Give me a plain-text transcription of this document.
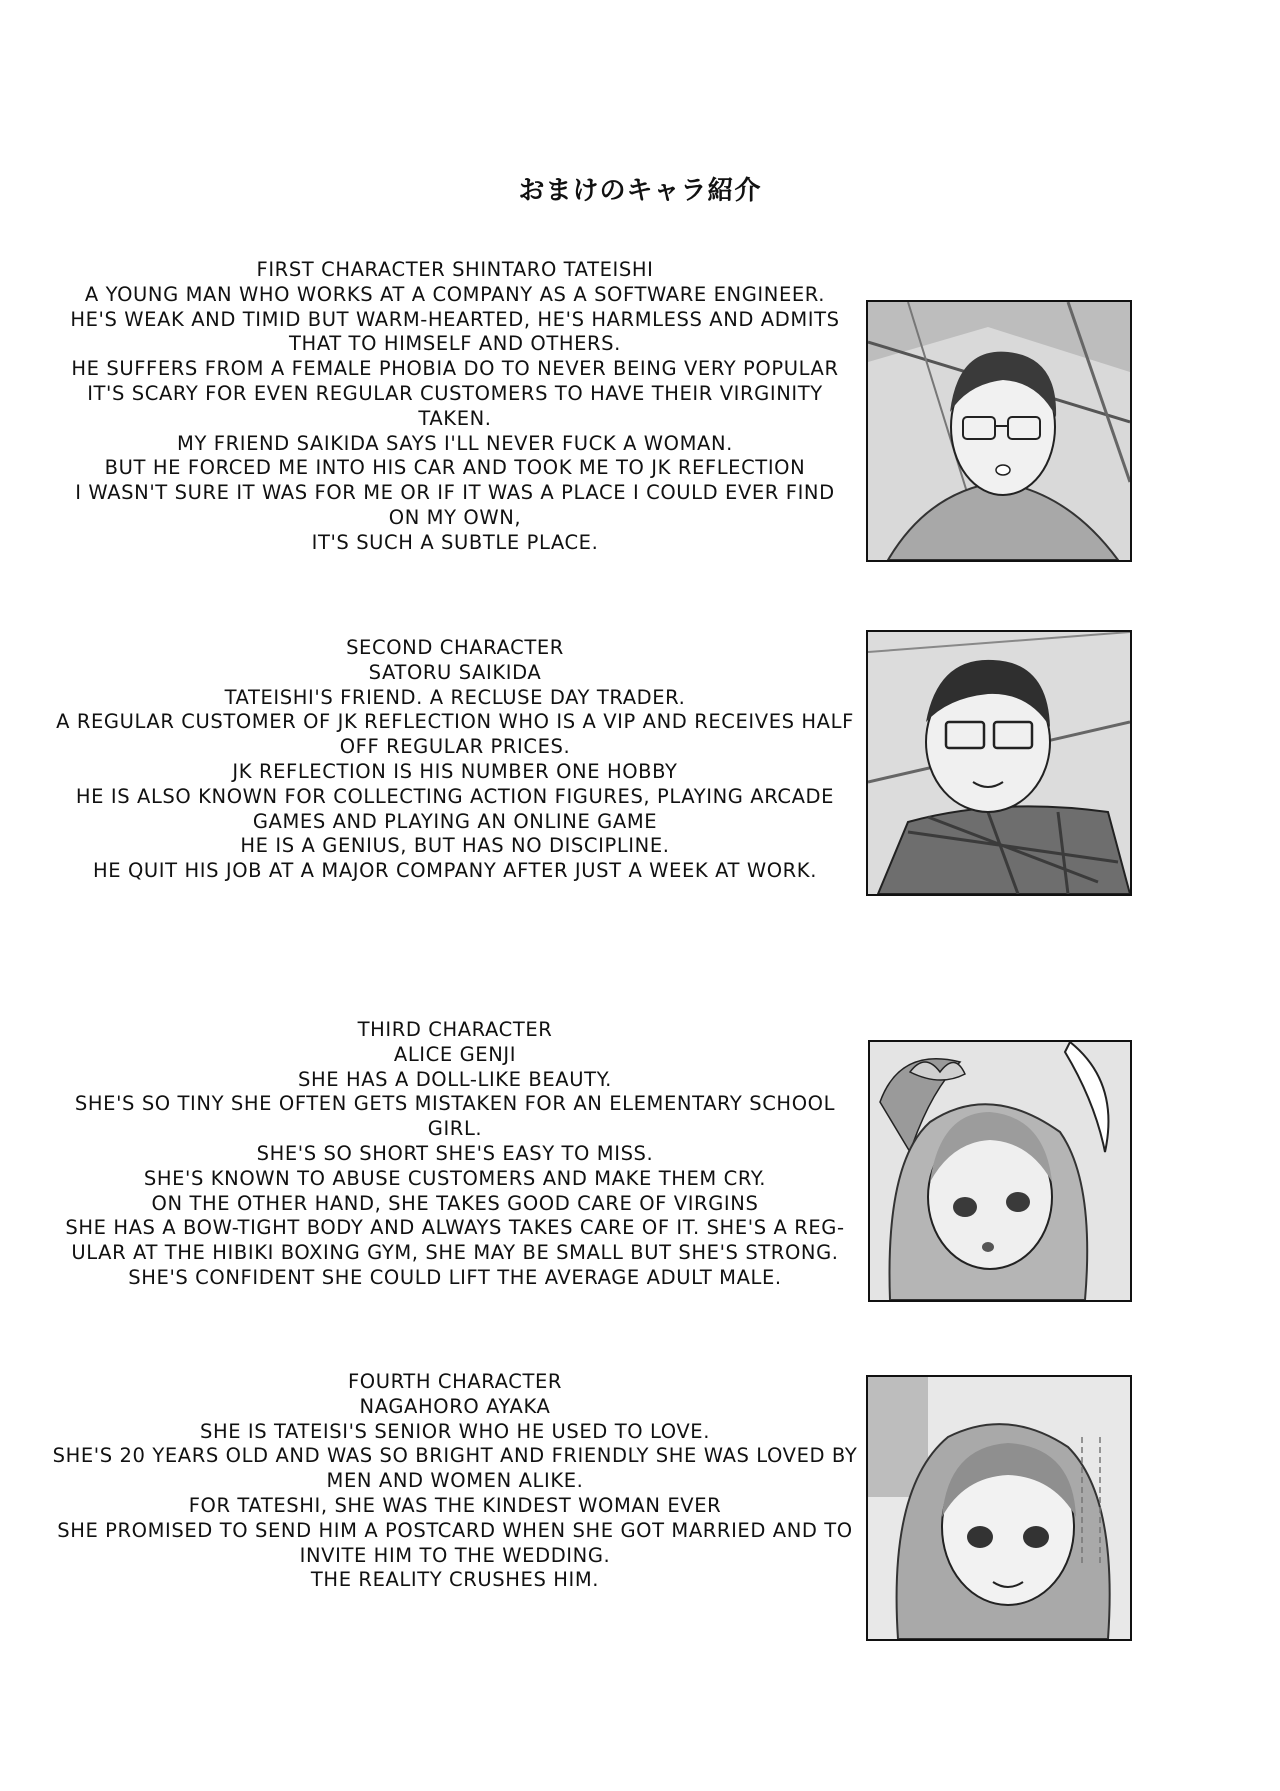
おまけのキャラ紹介
FIRST CHARACTER SHINTARO TATEISHI
A YOUNG MAN WHO WORKS AT A COMPANY AS A SOFTWARE ENGINEER.
HE'S WEAK AND TIMID BUT WARM-HEARTED, HE'S HARMLESS AND ADMITS
THAT TO HIMSELF AND OTHERS.
HE SUFFERS FROM A FEMALE PHOBIA DO TO NEVER BEING VERY POPULAR
IT'S SCARY FOR EVEN REGULAR CUSTOMERS TO HAVE THEIR VIRGINITY
TAKEN.
MY FRIEND SAIKIDA SAYS I'LL NEVER FUCK A WOMAN.
BUT HE FORCED ME INTO HIS CAR AND TOOK ME TO JK REFLECTION
I WASN'T SURE IT WAS FOR ME OR IF IT WAS A PLACE I COULD EVER FIND
ON MY OWN,
IT'S SUCH A SUBTLE PLACE.
SECOND CHARACTER
SATORU SAIKIDA
TATEISHI'S FRIEND. A RECLUSE DAY TRADER.
A REGULAR CUSTOMER OF JK REFLECTION WHO IS A VIP AND RECEIVES HALF
OFF REGULAR PRICES.
JK REFLECTION IS HIS NUMBER ONE HOBBY
HE IS ALSO KNOWN FOR COLLECTING ACTION FIGURES, PLAYING ARCADE
GAMES AND PLAYING AN ONLINE GAME
HE IS A GENIUS, BUT HAS NO DISCIPLINE.
HE QUIT HIS JOB AT A MAJOR COMPANY AFTER JUST A WEEK AT WORK.
THIRD CHARACTER
ALICE GENJI
SHE HAS A DOLL-LIKE BEAUTY.
SHE'S SO TINY SHE OFTEN GETS MISTAKEN FOR AN ELEMENTARY SCHOOL
GIRL.
SHE'S SO SHORT SHE'S EASY TO MISS.
SHE'S KNOWN TO ABUSE CUSTOMERS AND MAKE THEM CRY.
ON THE OTHER HAND, SHE TAKES GOOD CARE OF VIRGINS
SHE HAS A BOW-TIGHT BODY AND ALWAYS TAKES CARE OF IT. SHE'S A REG-
ULAR AT THE HIBIKI BOXING GYM, SHE MAY BE SMALL BUT SHE'S STRONG.
SHE'S CONFIDENT SHE COULD LIFT THE AVERAGE ADULT MALE.
FOURTH CHARACTER
NAGAHORO AYAKA
SHE IS TATEISI'S SENIOR WHO HE USED TO LOVE.
SHE'S 20 YEARS OLD AND WAS SO BRIGHT AND FRIENDLY SHE WAS LOVED BY
MEN AND WOMEN ALIKE.
FOR TATESHI, SHE WAS THE KINDEST WOMAN EVER
SHE PROMISED TO SEND HIM A POSTCARD WHEN SHE GOT MARRIED AND TO
INVITE HIM TO THE WEDDING.
THE REALITY CRUSHES HIM.
